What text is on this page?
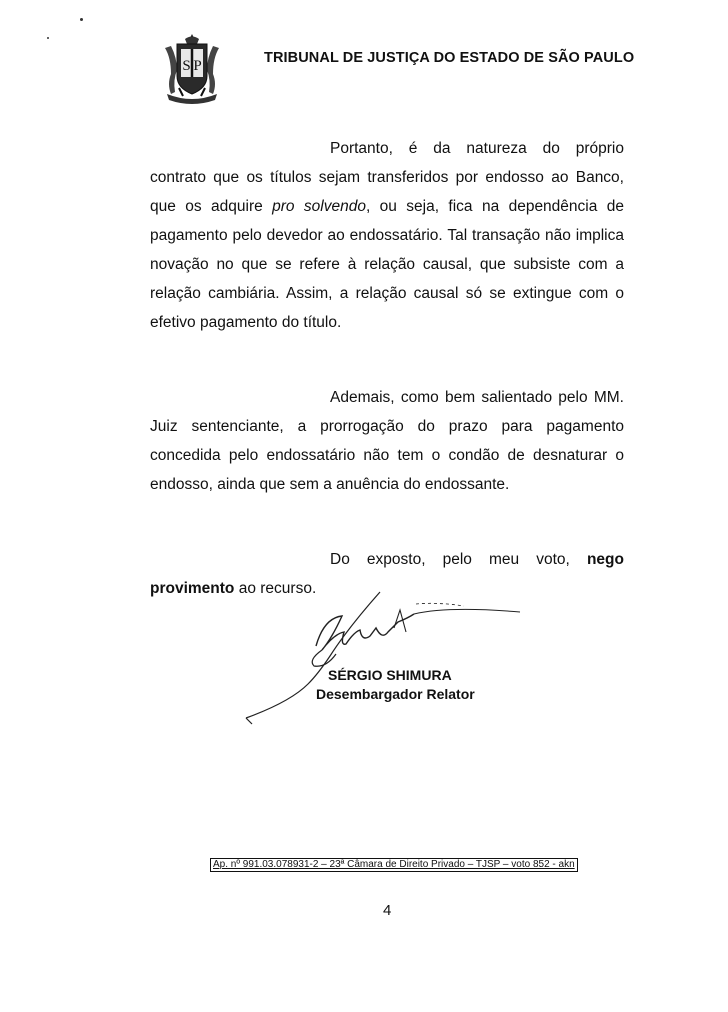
S P	TRIBUNAL DE JUSTIÇA DO ESTADO DE SÃO PAULO

Portanto, é da natureza do próprio contrato que os títulos sejam transferidos por endosso ao Banco, que os adquire pro solvendo, ou seja, fica na dependência de pagamento pelo devedor ao endossatário. Tal transação não implica novação no que se refere à relação causal, que subsiste com a relação cambiária. Assim, a relação causal só se extingue com o efetivo pagamento do título.

Ademais, como bem salientado pelo MM. Juiz sentenciante, a prorrogação do prazo para pagamento concedida pelo endossatário não tem o condão de desnaturar o endosso, ainda que sem a anuência do endossante.

Do exposto, pelo meu voto, nego provimento ao recurso.

SÉRGIO SHIMURA
Desembargador Relator
Ap. nº 991.03.078931-2 – 23ª Câmara de Direito Privado – TJSP – voto 852 - akn
4
